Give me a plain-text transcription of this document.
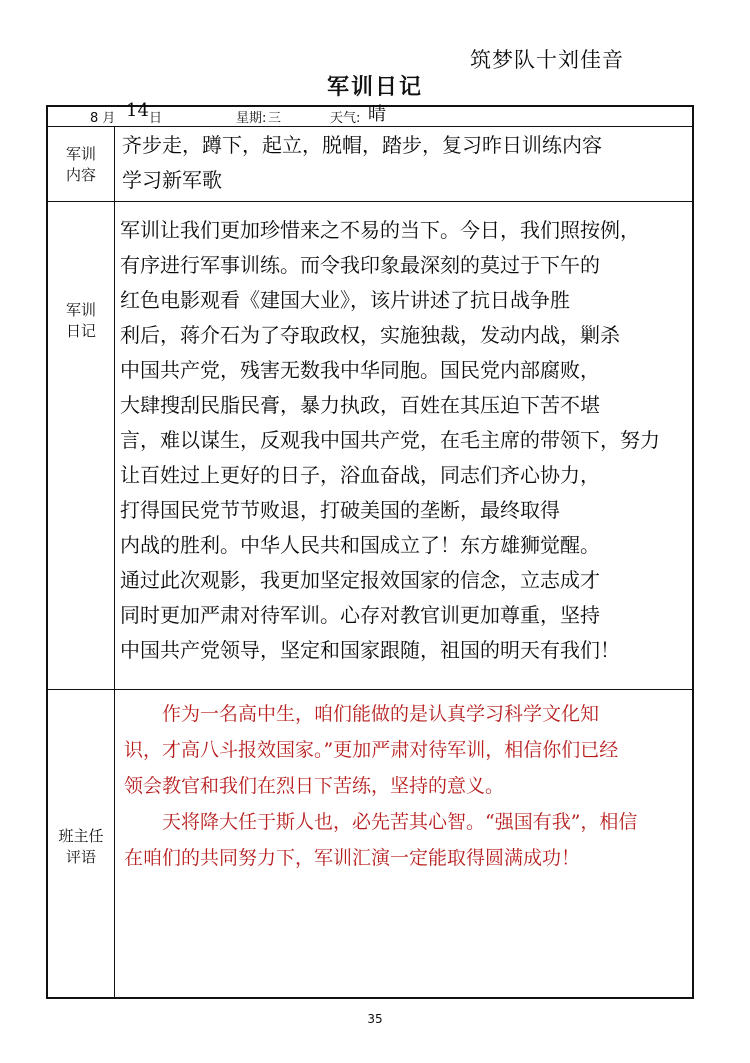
筑梦队十刘佳音
军训日记
8 月 14 日	星期: 三	天气: 晴
军训
内容
齐步走，蹲下，起立，脱帽，踏步，复习昨日训练内容
学习新军歌
军训
日记
军训让我们更加珍惜来之不易的当下。今日，我们照按例，
有序进行军事训练。而令我印象最深刻的莫过于下午的
红色电影观看《建国大业》，该片讲述了抗日战争胜
利后，蒋介石为了夺取政权，实施独裁，发动内战，剿杀
中国共产党，残害无数我中华同胞。国民党内部腐败，
大肆搜刮民脂民膏，暴力执政，百姓在其压迫下苦不堪
言，难以谋生，反观我中国共产党，在毛主席的带领下，努力
让百姓过上更好的日子，浴血奋战，同志们齐心协力，
打得国民党节节败退，打破美国的垄断，最终取得
内战的胜利。中华人民共和国成立了！东方雄狮觉醒。
通过此次观影，我更加坚定报效国家的信念，立志成才
同时更加严肃对待军训。心存对教官训更加尊重，坚持
中国共产党领导，坚定和国家跟随，祖国的明天有我们！
班主任
评语
　　作为一名高中生，咱们能做的是认真学习科学文化知
识，才高八斗报效国家。”更加严肃对待军训，相信你们已经
领会教官和我们在烈日下苦练，坚持的意义。
　　天将降大任于斯人也，必先苦其心智。“强国有我”，相信
在咱们的共同努力下，军训汇演一定能取得圆满成功！
35
